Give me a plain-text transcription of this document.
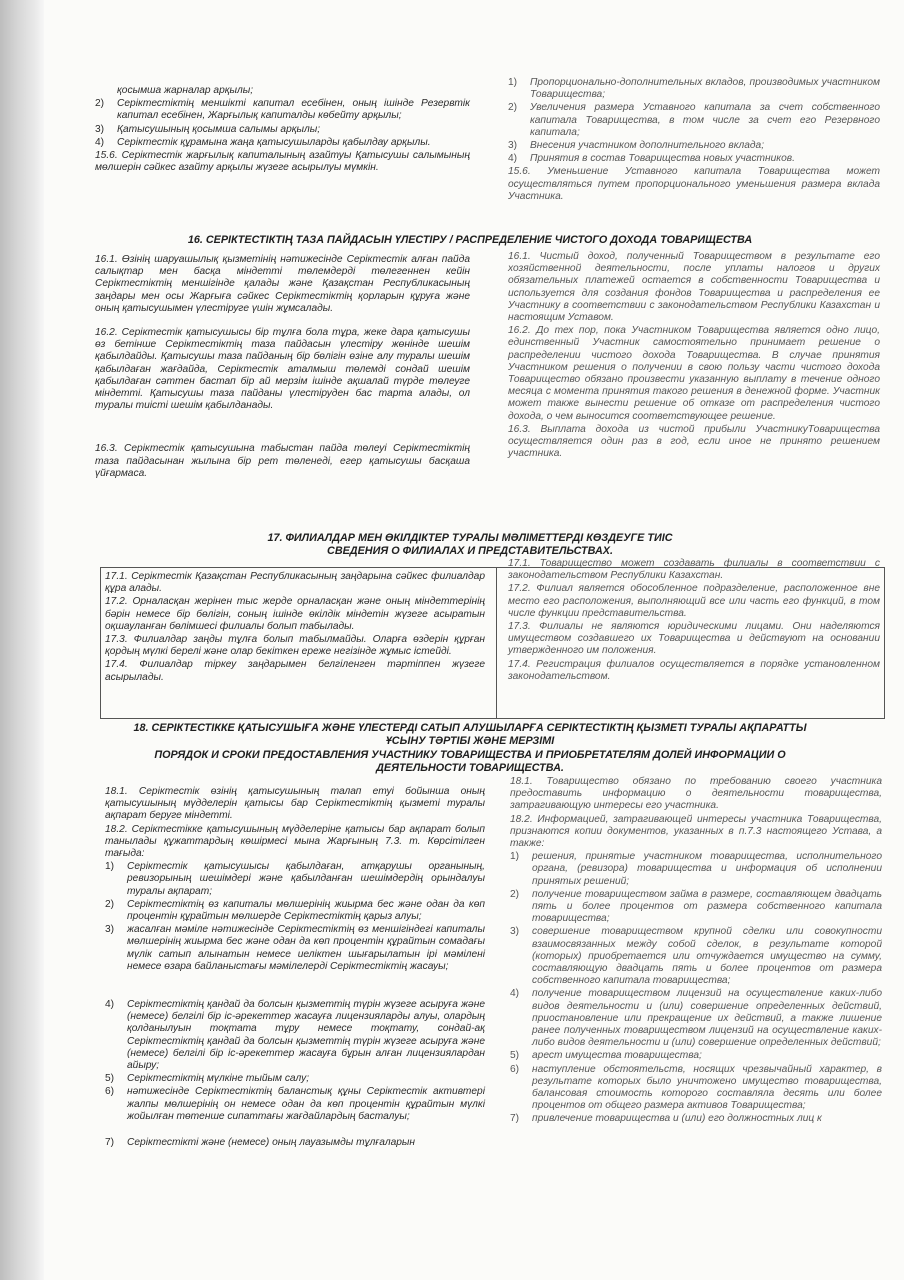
қосымша жарналар арқылы;

2) Серіктестіктің меншікті капитал есебінен, оның ішінде Резервтік капитал есебінен, Жарғылық капиталды көбейту арқылы;
3) Қатысушының қосымша салымы арқылы;
4) Серіктестік құрамына жаңа қатысушыларды қабылдау арқылы.

15.6. Серіктестік жарғылық капиталының азайтуы Қатысушы салымының мөлшерін сәйкес азайту арқылы жүзеге асырылуы мүмкін.

1) Пропорционально-дополнительных вкладов, производимых участником Товарищества;
2) Увеличения размера Уставного капитала за счет собственного капитала Товарищества, в том числе за счет его Резервного капитала;
3) Внесения участником дополнительного вклада;
4) Принятия в состав Товарищества новых участников.

15.6. Уменьшение Уставного капитала Товарищества может осуществляться путем пропорционального уменьшения размера вклада Участника.

16. СЕРІКТЕСТІКТІҢ ТАЗА ПАЙДАСЫН ҮЛЕСТІРУ / РАСПРЕДЕЛЕНИЕ ЧИСТОГО ДОХОДА ТОВАРИЩЕСТВА

16.1. Өзінің шаруашылық қызметінің нәтижесінде Серіктестік алған пайда салықтар мен басқа міндетті төлемдерді төлегеннен кейін Серіктестіктің меншігінде қалады және Қазақстан Республикасының заңдары мен осы Жарғыға сәйкес Серіктестіктің қорларын құруға және оның қатысушымен үлестіруге үшін жұмсалады.

16.2. Серіктестік қатысушысы бір тұлға бола тұра, жеке дара қатысушы өз бетінше Серіктестіктің таза пайдасын үлестіру жөнінде шешім қабылдайды. Қатысушы таза пайданың бір бөлігін өзіне алу туралы шешім қабылдаған жағдайда, Серіктестік аталмыш төлемді сондай шешім қабылдаған сәттен бастап бір ай мерзім ішінде ақшалай түрде төлеуге міндетті. Қатысушы таза пайданы үлестіруден бас тарта алады, ол туралы тиісті шешім қабылданады.

16.3. Серіктестік қатысушына табыстан пайда төлеуі Серіктестіктің таза пайдасынан жылына бір рет төленеді, егер қатысушы басқаша үйғармаса.

16.1. Чистый доход, полученный Товариществом в результате его хозяйственной деятельности, после уплаты налогов и других обязательных платежей остается в собственности Товарищества и используется для создания фондов Товарищества и распределения ее Участнику в соответствии с законодательством Республики Казахстан и настоящим Уставом.

16.2. До тех пор, пока Участником Товарищества является одно лицо, единственный Участник самостоятельно принимает решение о распределении чистого дохода Товарищества. В случае принятия Участником решения о получении в свою пользу части чистого дохода Товарищество обязано произвести указанную выплату в течение одного месяца с момента принятия такого решения в денежной форме. Участник может также вынести решение об отказе от распределения чистого дохода, о чем выносится соответствующее решение.

16.3. Выплата дохода из чистой прибыли УчастникуТоварищества осуществляется один раз в год, если иное не принято решением участника.

17. ФИЛИАЛДАР МЕН ӨКІЛДІКТЕР ТУРАЛЫ МӘЛІМЕТТЕРДІ КӨЗДЕУГЕ ТИІС
СВЕДЕНИЯ О ФИЛИАЛАХ И ПРЕДСТАВИТЕЛЬСТВАХ.

17.1. Серіктестік Қазақстан Республикасының заңдарына сәйкес филиалдар құра алады.

17.2. Орналасқан жерінен тыс жерде орналасқан және оның міндеттерінің бәрін немесе бір бөлігін, соның ішінде өкілдік міндетін жүзеге асыратын оқшауланған бөлімшесі филиалы болып табылады.

17.3. Филиалдар заңды тұлға болып табылмайды. Оларға өздерін құрған қордың мүлкі берелі және олар бекіткен ереже негізінде жұмыс істейді.

17.4. Филиалдар тіркеу заңдарымен белгіленген тәртіппен жүзеге асырылады.

17.1. Товарищество может создавать филиалы в соответствии с законодательством Республики Казахстан.

17.2. Филиал является обособленное подразделение, расположенное вне место его расположения, выполняющий все или часть его функций, в том числе функции представительства.

17.3. Филиалы не являются юридическими лицами. Они наделяются имуществом создавшего их Товарищества и действуют на основании утвержденного им положения.

17.4. Регистрация филиалов осуществляется в порядке установленном законодательством.

18. СЕРІКТЕСТІККЕ ҚАТЫСУШЫҒА ЖӘНЕ ҮЛЕСТЕРДІ САТЫП АЛУШЫЛАРҒА СЕРІКТЕСТІКТІҢ ҚЫЗМЕТІ ТУРАЛЫ АҚПАРАТТЫ
ҰСЫНУ ТӘРТІБІ ЖӘНЕ МЕРЗІМІ
ПОРЯДОК И СРОКИ ПРЕДОСТАВЛЕНИЯ УЧАСТНИКУ ТОВАРИЩЕСТВА И ПРИОБРЕТАТЕЛЯМ ДОЛЕЙ ИНФОРМАЦИИ О
ДЕЯТЕЛЬНОСТИ ТОВАРИЩЕСТВА.

18.1. Серіктестік өзінің қатысушының талап етуі бойынша оның қатысушының мүдделерін қатысы бар Серіктестіктің қызметі туралы ақпарат беруге міндетті.

18.2. Серіктестікке қатысушының мүдделеріне қатысы бар ақпарат болып танылады құжаттардың көшірмесі мына Жарғының 7.3. т. Көрсітілген тағыда:

1) Серіктестік қатысушысы қабылдаған, атқарушы органының, ревизорының шешімдері және қабылданған шешімдердің орындалуы туралы ақпарат;
2) Серіктестіктің өз капиталы мөлшерінің жиырма бес және одан да көп процентін құрайтын мөлшерде Серіктестіктің қарыз алуы;
3) жасалған мәміле нәтижесінде Серіктестіктің өз меншігіндегі капиталы мөлшерінің жиырма бес және одан да көп процентін құрайтын сомадағы мүлік сатып алынатын немесе иеліктен шығарылатын ірі мәмілені немесе өзара байланыстағы мәмілелерді Серіктестіктің жасауы;
4) Серіктестіктің қандай да болсын қызметтің түрін жүзеге асыруға және (немесе) белгілі бір іс-әрекеттер жасауға лицензияларды алуы, олардың қолданылуын тоқтата тұру немесе тоқтату, сондай-ақ Серіктестіктің қандай да болсын қызметтің түрін жүзеге асыруға және (немесе) белгілі бір іс-әрекеттер жасауға бұрын алған лицензиялардан айыру;
5) Серіктестіктің мүлкіне тыйым салу;
6) нәтижесінде Серіктестіктің баланстық құны Серіктестік активтері жалпы мөлшерінің он немесе одан да көп процентін құрайтын мүлкі жойылған төтенше сипаттағы жағдайлардың басталуы;
7) Серіктестікті және (немесе) оның лауазымды тұлғаларын

18.1. Товарищество обязано по требованию своего участника предоставить информацию о деятельности товарищества, затрагивающую интересы его участника.

18.2. Информацией, затрагивающей интересы участника Товарищества, признаются копии документов, указанных в п.7.3 настоящего Устава, а также:

1) решения, принятые участником товарищества, исполнительного органа, (ревизора) товарищества и информация об исполнении принятых решений;
2) получение товариществом займа в размере, составляющем двадцать пять и более процентов от размера собственного капитала товарищества;
3) совершение товариществом крупной сделки или совокупности взаимосвязанных между собой сделок, в результате которой (которых) приобретается или отчуждается имущество на сумму, составляющую двадцать пять и более процентов от размера собственного капитала товарищества;
4) получение товариществом лицензий на осуществление каких-либо видов деятельности и (или) совершение определенных действий, приостановление или прекращение их действий, а также лишение ранее полученных товариществом лицензий на осуществление каких-либо видов деятельности и (или) совершение определенных действий;
5) арест имущества товарищества;
6) наступление обстоятельств, носящих чрезвычайный характер, в результате которых было уничтожено имущество товарищества, балансовая стоимость которого составляла десять или более процентов от общего размера активов Товарищества;
7) привлечение товарищества и (или) его должностных лиц к
